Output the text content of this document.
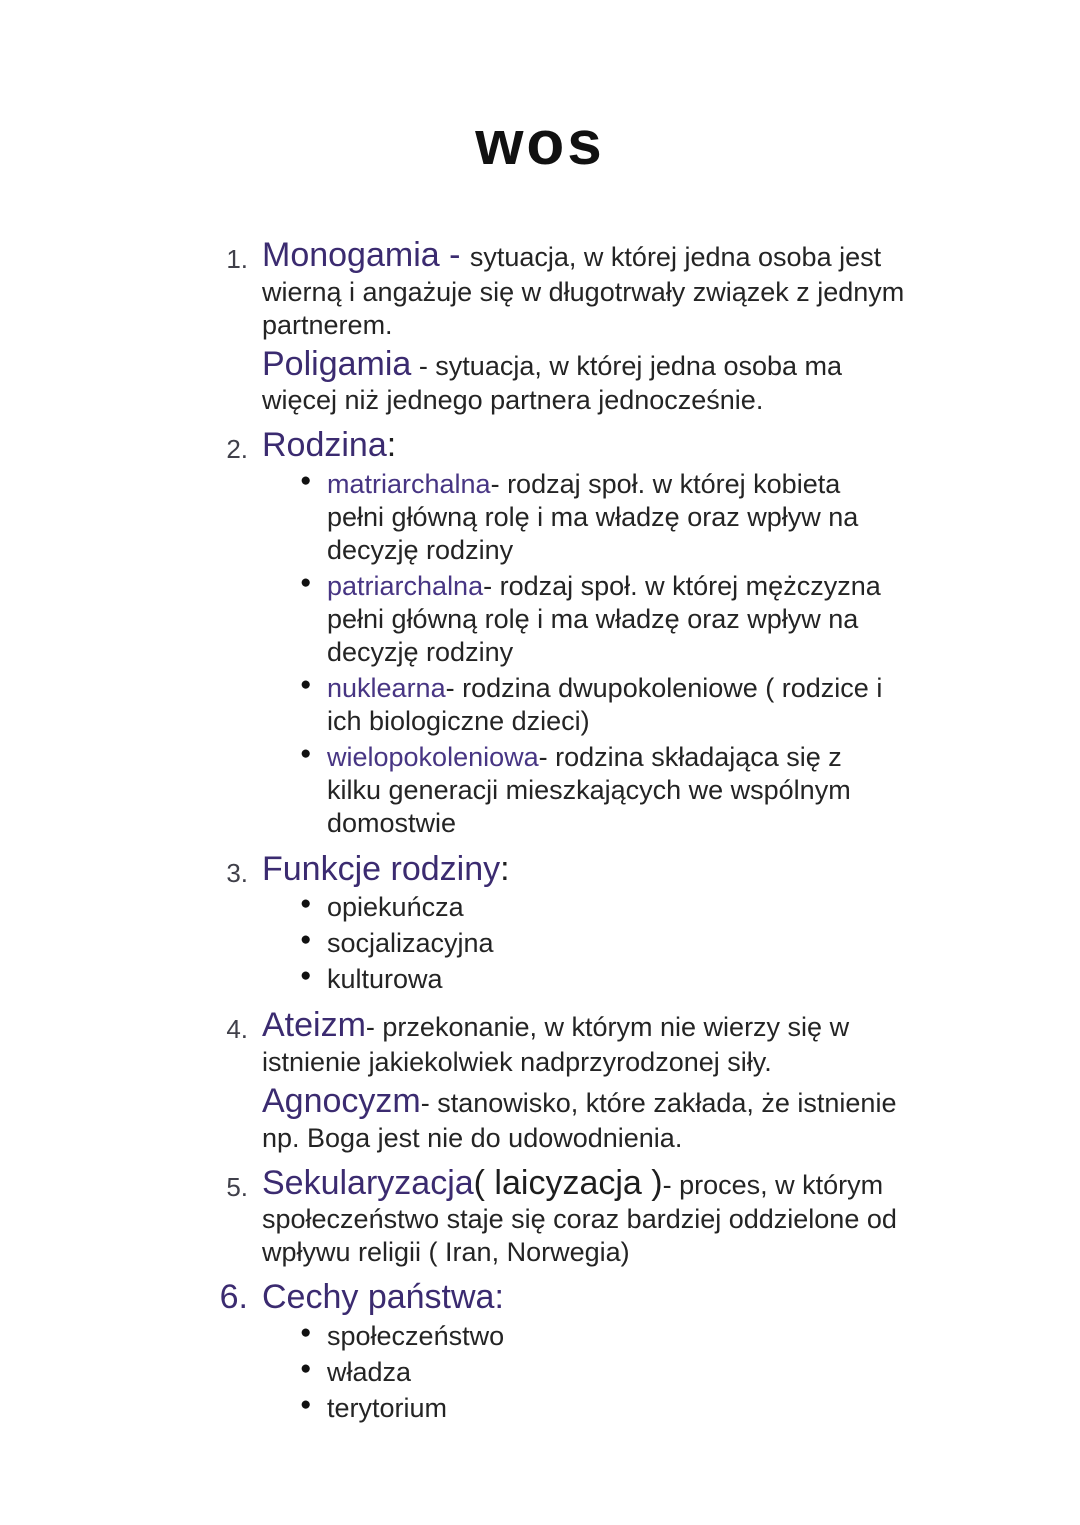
wos
1. Monogamia - sytuacja, w której jedna osoba jest wierną i angażuje się w długotrwały związek z jednym partnerem.

Poligamia - sytuacja, w której jedna osoba ma więcej niż jednego partnera jednocześnie.

2. Rodzina:

● matriarchalna- rodzaj społ. w której kobieta pełni główną rolę i ma władzę oraz wpływ na decyzję rodziny
● patriarchalna- rodzaj społ. w której mężczyzna pełni główną rolę i ma władzę oraz wpływ na decyzję rodziny
● nuklearna- rodzina dwupokoleniowe ( rodzice i ich biologiczne dzieci)
● wielopokoleniowa- rodzina składająca się z kilku generacji mieszkających we wspólnym domostwie
3. Funkcje rodziny:

● opiekuńcza
● socjalizacyjna
● kulturowa
4. Ateizm- przekonanie, w którym nie wierzy się w istnienie jakiekolwiek nadprzyrodzonej siły.

Agnocyzm- stanowisko, które zakłada, że istnienie np. Boga jest nie do udowodnienia.

5. Sekularyzacja( laicyzacja )- proces, w którym społeczeństwo staje się coraz bardziej oddzielone od wpływu religii ( Iran, Norwegia)

6. Cechy państwa:

● społeczeństwo
● władza
● terytorium
